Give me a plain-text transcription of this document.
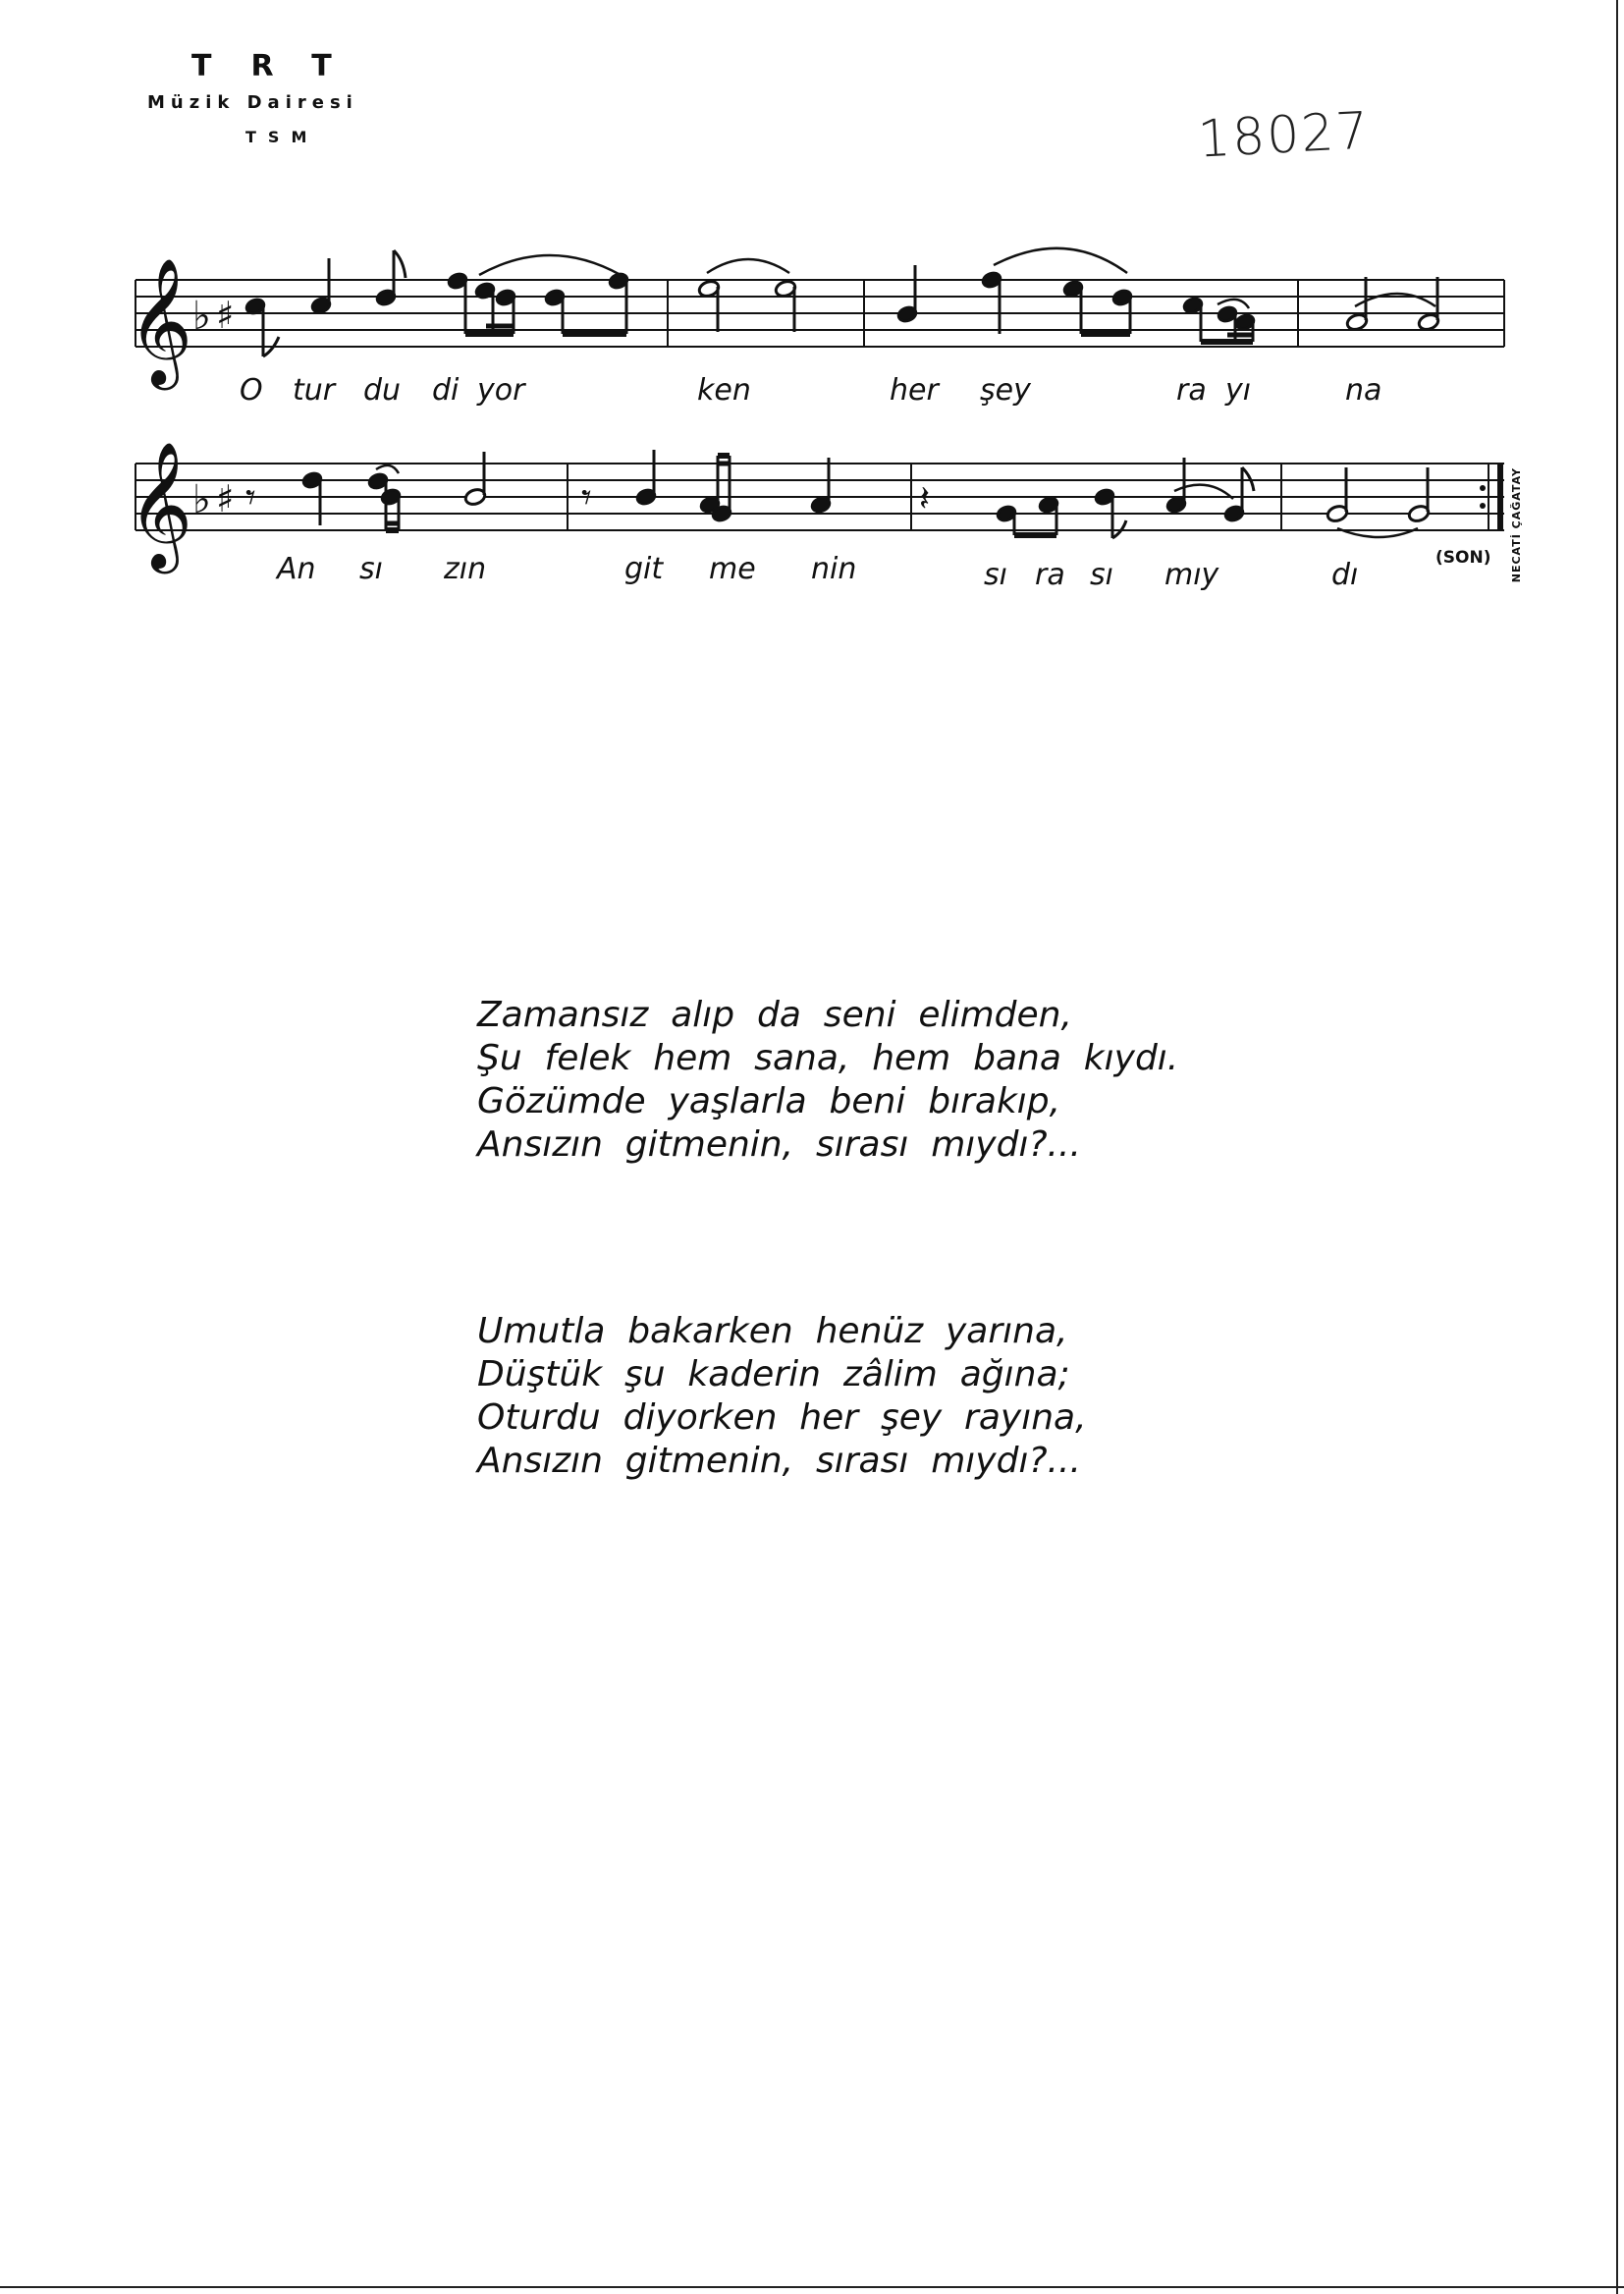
TRT
Müzik Dairesi
TSM	18027
𝄞 ♭ ♯
𝄞 ♭ ♯ 𝄾	𝄾	𝄽
O tur du di yor	ken	her şey	ra yı	na
An sı zın	git me nin	sı ra sı mıy	dı	(SON) NECATİ ÇAĞATAY
Zamansız  alıp  da  seni  elimden,
Şu  felek  hem  sana,  hem  bana  kıydı.
Gözümde  yaşlarla  beni  bırakıp,
Ansızın  gitmenin,  sırası  mıydı?...
Umutla  bakarken  henüz  yarına,
Düştük  şu  kaderin  zâlim  ağına;
Oturdu  diyorken  her  şey  rayına,
Ansızın  gitmenin,  sırası  mıydı?...
